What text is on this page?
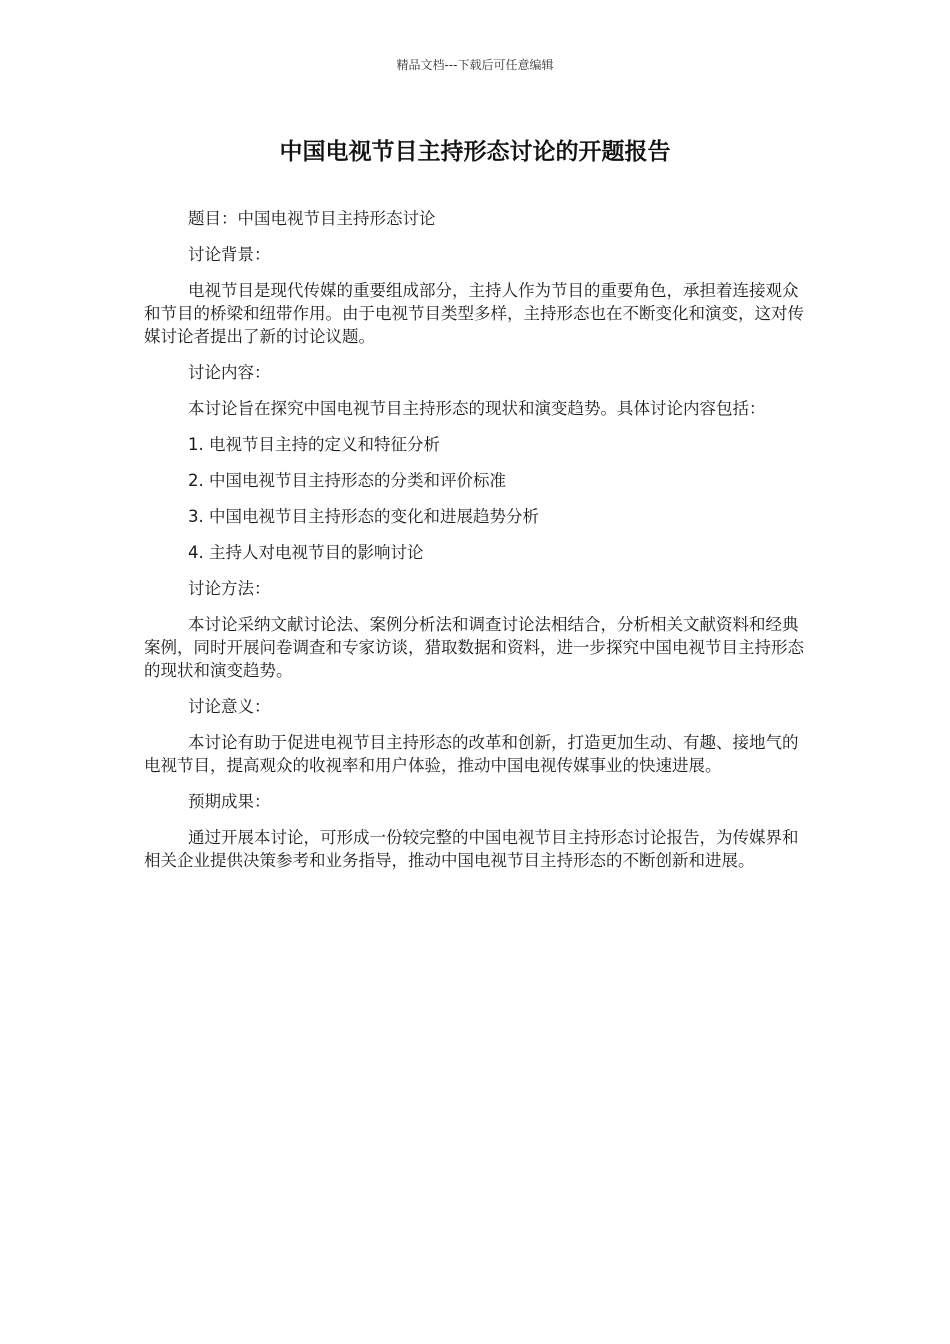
精品文档---下载后可任意编辑
中国电视节目主持形态讨论的开题报告

题目：中国电视节目主持形态讨论

讨论背景：

电视节目是现代传媒的重要组成部分，主持人作为节目的重要角色，承担着连接观众和节目的桥梁和纽带作用。由于电视节目类型多样，主持形态也在不断变化和演变，这对传媒讨论者提出了新的讨论议题。

讨论内容：

本讨论旨在探究中国电视节目主持形态的现状和演变趋势。具体讨论内容包括：

1. 电视节目主持的定义和特征分析

2. 中国电视节目主持形态的分类和评价标准

3. 中国电视节目主持形态的变化和进展趋势分析

4. 主持人对电视节目的影响讨论

讨论方法：

本讨论采纳文献讨论法、案例分析法和调查讨论法相结合，分析相关文献资料和经典案例，同时开展问卷调查和专家访谈，猎取数据和资料，进一步探究中国电视节目主持形态的现状和演变趋势。

讨论意义：

本讨论有助于促进电视节目主持形态的改革和创新，打造更加生动、有趣、接地气的电视节目，提高观众的收视率和用户体验，推动中国电视传媒事业的快速进展。

预期成果：

通过开展本讨论，可形成一份较完整的中国电视节目主持形态讨论报告，为传媒界和相关企业提供决策参考和业务指导，推动中国电视节目主持形态的不断创新和进展。
